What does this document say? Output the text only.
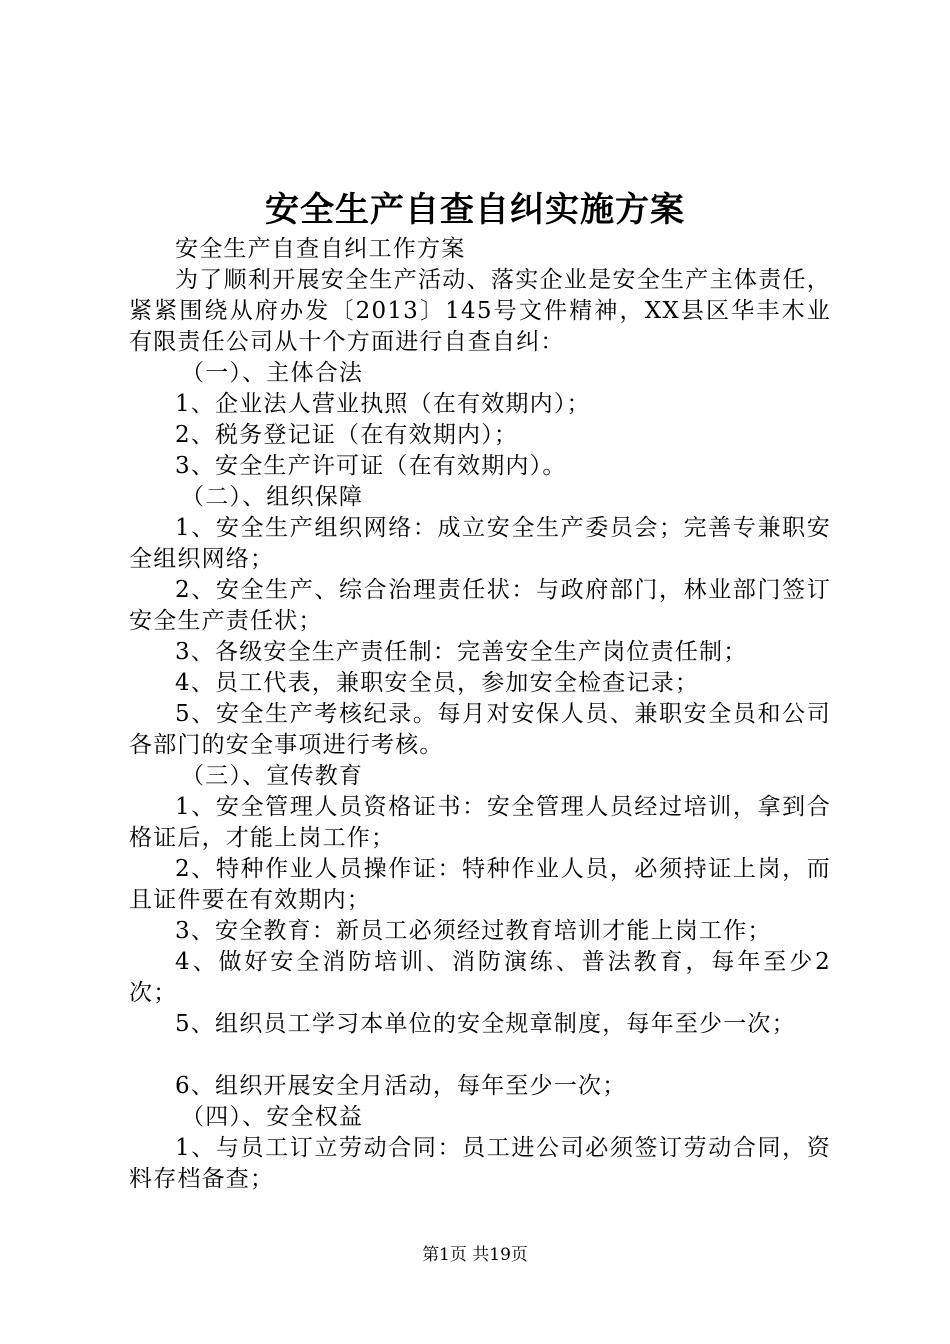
安全生产自查自纠实施方案

安全生产自查自纠工作方案

为了顺利开展安全生产活动、落实企业是安全生产主体责任，紧紧围绕从府办发〔2013〕145号文件精神，XX县区华丰木业有限责任公司从十个方面进行自查自纠：

（一）、主体合法

1、企业法人营业执照（在有效期内）；

2、税务登记证（在有效期内）；

3、安全生产许可证（在有效期内）。

（二）、组织保障

1、安全生产组织网络：成立安全生产委员会；完善专兼职安全组织网络；

2、安全生产、综合治理责任状：与政府部门，林业部门签订安全生产责任状；

3、各级安全生产责任制：完善安全生产岗位责任制；

4、员工代表，兼职安全员，参加安全检查记录；

5、安全生产考核纪录。每月对安保人员、兼职安全员和公司各部门的安全事项进行考核。

（三）、宣传教育

1、安全管理人员资格证书：安全管理人员经过培训，拿到合格证后，才能上岗工作；

2、特种作业人员操作证：特种作业人员，必须持证上岗，而且证件要在有效期内；

3、安全教育：新员工必须经过教育培训才能上岗工作；

4、做好安全消防培训、消防演练、普法教育，每年至少2次；

5、组织员工学习本单位的安全规章制度，每年至少一次；

6、组织开展安全月活动，每年至少一次；

（四）、安全权益

1、与员工订立劳动合同：员工进公司必须签订劳动合同，资料存档备查；

第1页 共19页
